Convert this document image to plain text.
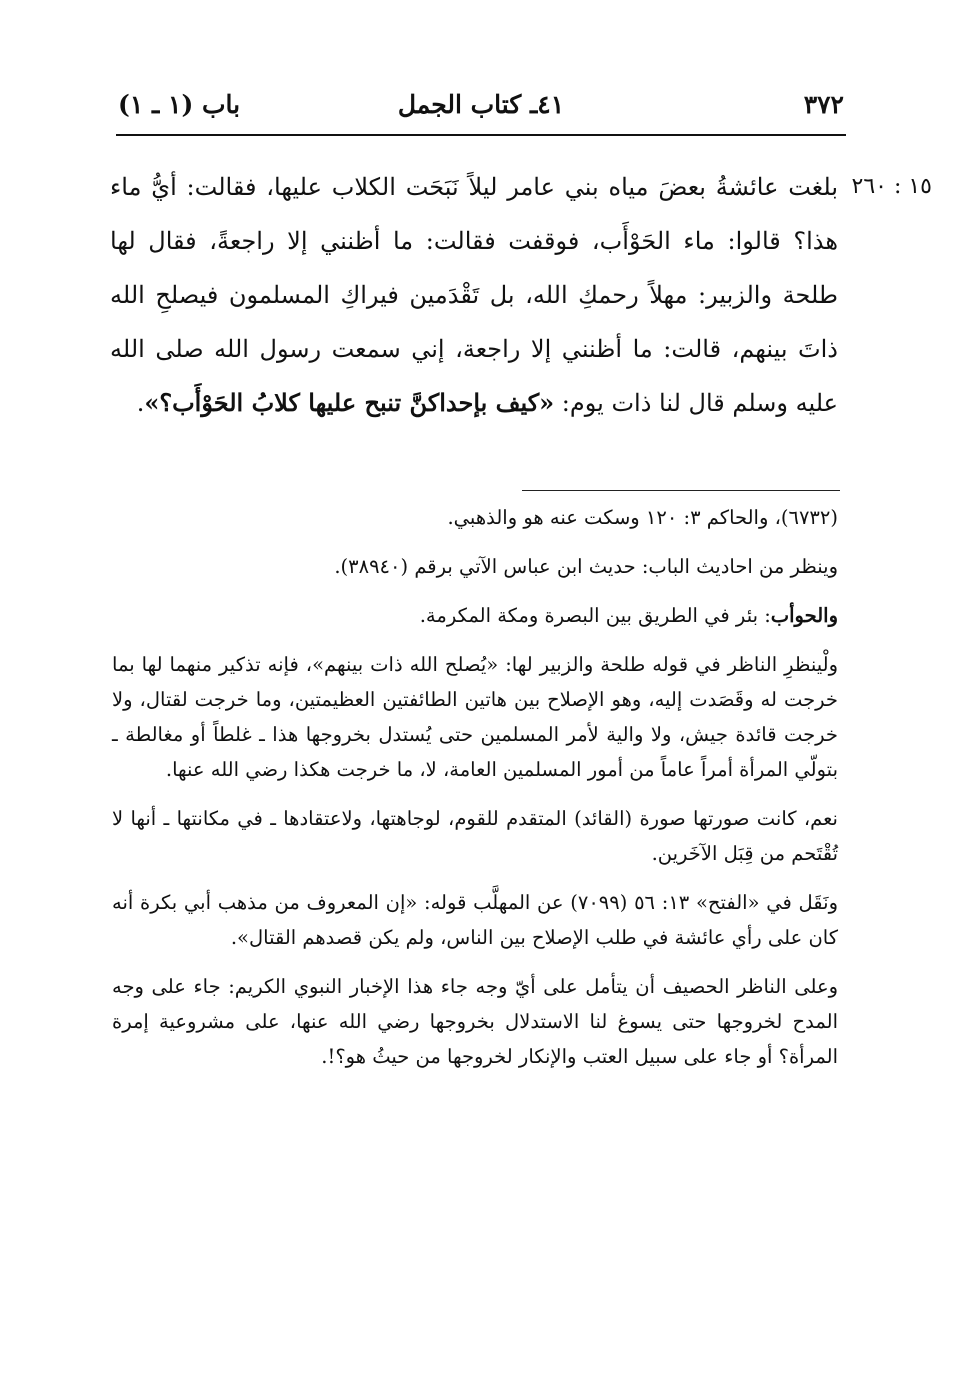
٣٧٢
٤١ـ كتاب الجمل
باب (١ ـ ١)
١٥ : ٢٦٠
بلغت عائشةُ بعضَ مياه بني عامر ليلاً نَبَحَت الكلاب عليها، فقالت: أيُّ ماء هذا؟ قالوا: ماء الحَوْأَب، فوقفت فقالت: ما أظنني إلا راجعةً، فقال لها طلحة والزبير: مهلاً رحمكِ الله، بل تَقْدَمين فيراكِ المسلمون فيصلحِ الله ذاتَ بينهم، قالت: ما أظنني إلا راجعة، إني سمعت رسول الله صلى الله عليه وسلم قال لنا ذات يوم: «كيف بإحداكنَّ تنبح عليها كلابُ الحَوْأَب؟».

(٦٧٣٢)، والحاكم ٣: ١٢٠ وسكت عنه هو والذهبي.

وينظر من احاديث الباب: حديث ابن عباس الآتي برقم (٣٨٩٤٠).

والحوأب: بئر في الطريق بين البصرة ومكة المكرمة.

ولْينظرِ الناظر في قوله طلحة والزبير لها: «يُصلح الله ذات بينهم»، فإنه تذكير منهما لها بما خرجت له وقَصَدت إليه، وهو الإصلاح بين هاتين الطائفتين العظيمتين، وما خرجت لقتال، ولا خرجت قائدة جيش، ولا والية لأمر المسلمين حتى يُستدل بخروجها هذا ـ غلطاً أو مغالطة ـ بتولّي المرأة أمراً عاماً من أمور المسلمين العامة، لا، ما خرجت هكذا رضي الله عنها.

نعم، كانت صورتها صورة (القائد) المتقدم للقوم، لوجاهتها، ولاعتقادها ـ في مكانتها ـ أنها لا تُقْتَحم من قِبَل الآخَرين.

ونَقَل في «الفتح» ١٣: ٥٦ (٧٠٩٩) عن المهلَّب قوله: «إن المعروف من مذهب أبي بكرة أنه كان على رأي عائشة في طلب الإصلاح بين الناس، ولم يكن قصدهم القتال».

وعلى الناظر الحصيف أن يتأمل على أيّ وجه جاء هذا الإخبار النبوي الكريم: جاء على وجه المدح لخروجها حتى يسوغ لنا الاستدلال بخروجها رضي الله عنها، على مشروعية إمرة المرأة؟ أو جاء على سبيل العتب والإنكار لخروجها من حيثُ هو؟!.
